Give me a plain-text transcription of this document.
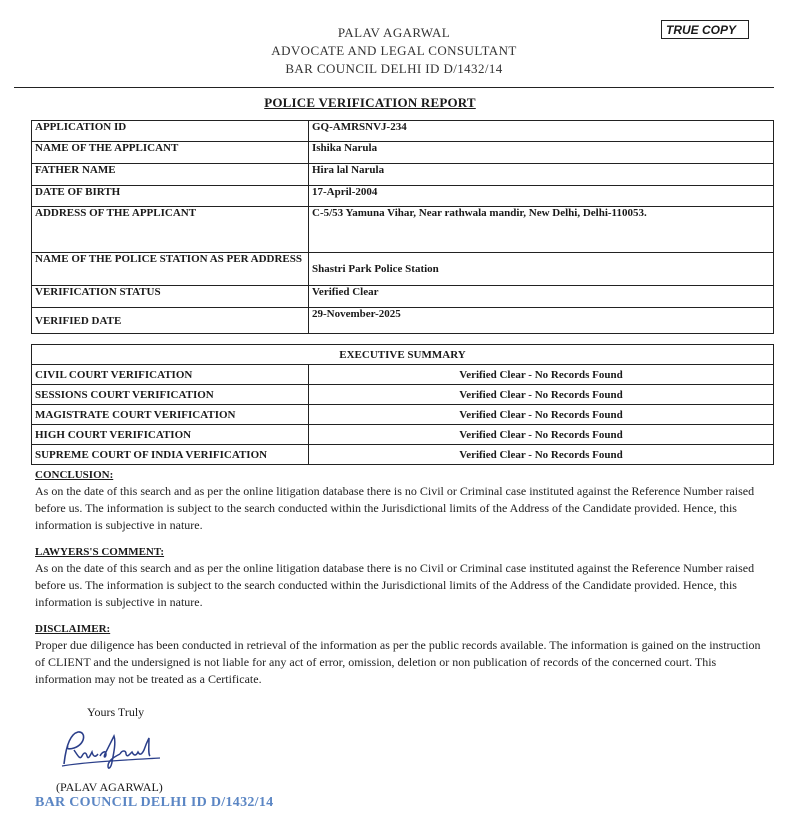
PALAV AGARWAL
ADVOCATE AND LEGAL CONSULTANT
BAR COUNCIL DELHI ID D/1432/14
TRUE COPY
POLICE VERIFICATION REPORT
APPLICATION ID	GQ-AMRSNVJ-234
NAME OF THE APPLICANT	Ishika Narula
FATHER NAME	Hira lal Narula
DATE OF BIRTH	17-April-2004
ADDRESS OF THE APPLICANT	C-5/53 Yamuna Vihar, Near rathwala mandir, New Delhi, Delhi-110053.
NAME OF THE POLICE STATION AS PER ADDRESS	Shastri Park Police Station
VERIFICATION STATUS	Verified Clear
VERIFIED DATE	29-November-2025
EXECUTIVE SUMMARY	
CIVIL COURT VERIFICATION	Verified Clear - No Records Found
SESSIONS COURT VERIFICATION	Verified Clear - No Records Found
MAGISTRATE COURT VERIFICATION	Verified Clear - No Records Found
HIGH COURT VERIFICATION	Verified Clear - No Records Found
SUPREME COURT OF INDIA VERIFICATION	Verified Clear - No Records Found
CONCLUSION:
As on the date of this search and as per the online litigation database there is no Civil or Criminal case instituted against the Reference Number raised before us. The information is subject to the search conducted within the Jurisdictional limits of the Address of the Candidate provided. Hence, this information is subjective in nature.
LAWYERS'S COMMENT:
As on the date of this search and as per the online litigation database there is no Civil or Criminal case instituted against the Reference Number raised before us. The information is subject to the search conducted within the Jurisdictional limits of the Address of the Candidate provided. Hence, this information is subjective in nature.
DISCLAIMER:
Proper due diligence has been conducted in retrieval of the information as per the public records available. The information is gained on the instruction of CLIENT and the undersigned is not liable for any act of error, omission, deletion or non publication of records of the concerned court. This information may not be treated as a Certificate.
Yours Truly
(PALAV AGARWAL)
BAR COUNCIL DELHI ID D/1432/14
